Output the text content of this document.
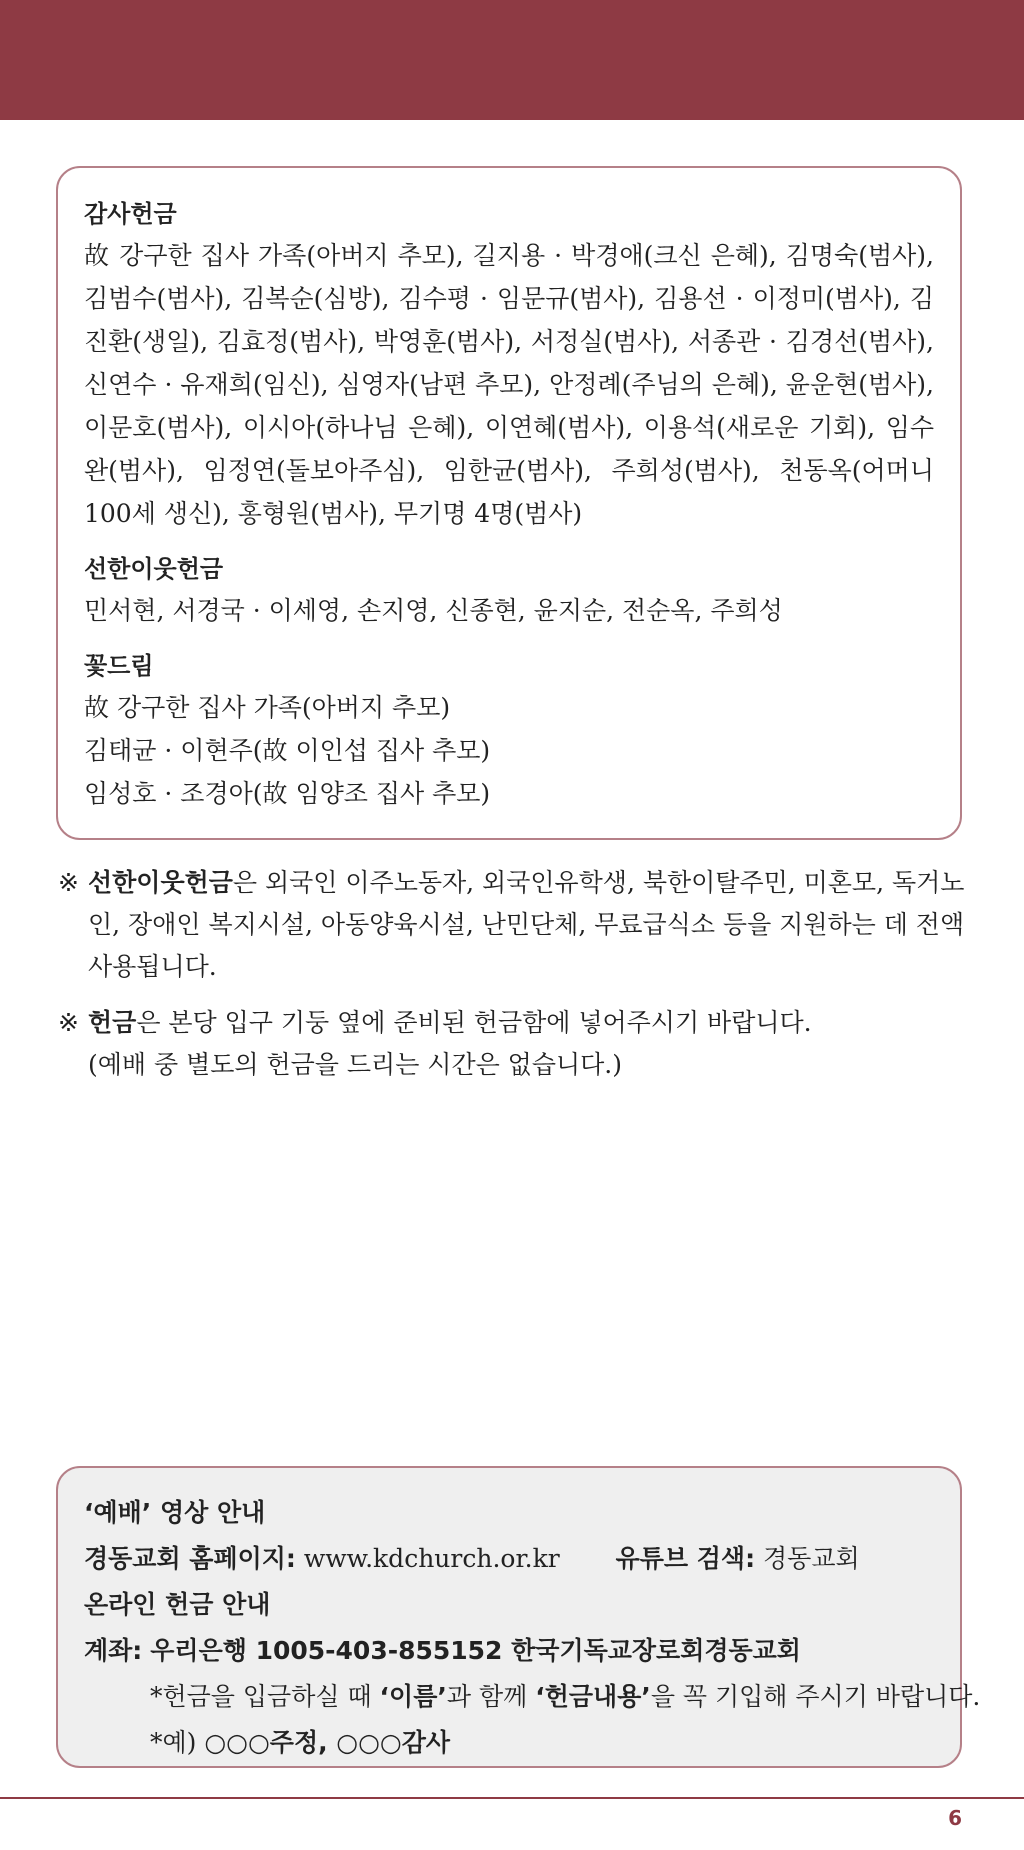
감사헌금
故 강구한 집사 가족(아버지 추모), 길지용 · 박경애(크신 은혜), 김명숙(범사), 김범수(범사), 김복순(심방), 김수평 · 임문규(범사), 김용선 · 이정미(범사), 김진환(생일), 김효정(범사), 박영훈(범사), 서정실(범사), 서종관 · 김경선(범사), 신연수 · 유재희(임신), 심영자(남편 추모), 안정례(주님의 은혜), 윤운현(범사), 이문호(범사), 이시아(하나님 은혜), 이연혜(범사), 이용석(새로운 기회), 임수완(범사), 임정연(돌보아주심), 임한균(범사), 주희성(범사), 천동옥(어머니 100세 생신), 홍형원(범사), 무기명 4명(범사)
선한이웃헌금
민서현, 서경국 · 이세영, 손지영, 신종현, 윤지순, 전순옥, 주희성
꽃드림
故 강구한 집사 가족(아버지 추모)
김태균 · 이현주(故 이인섭 집사 추모)
임성호 · 조경아(故 임양조 집사 추모)
※ 선한이웃헌금은 외국인 이주노동자, 외국인유학생, 북한이탈주민, 미혼모, 독거노인, 장애인 복지시설, 아동양육시설, 난민단체, 무료급식소 등을 지원하는 데 전액 사용됩니다.
※ 헌금은 본당 입구 기둥 옆에 준비된 헌금함에 넣어주시기 바랍니다.
(예배 중 별도의 헌금을 드리는 시간은 없습니다.)
‘예배’ 영상 안내
경동교회 홈페이지: www.kdchurch.or.kr 유튜브 검색: 경동교회
온라인 헌금 안내
계좌: 우리은행 1005-403-855152 한국기독교장로회경동교회
*헌금을 입금하실 때 ‘이름’과 함께 ‘헌금내용’을 꼭 기입해 주시기 바랍니다.
*예) ○○○주정, ○○○감사
6
